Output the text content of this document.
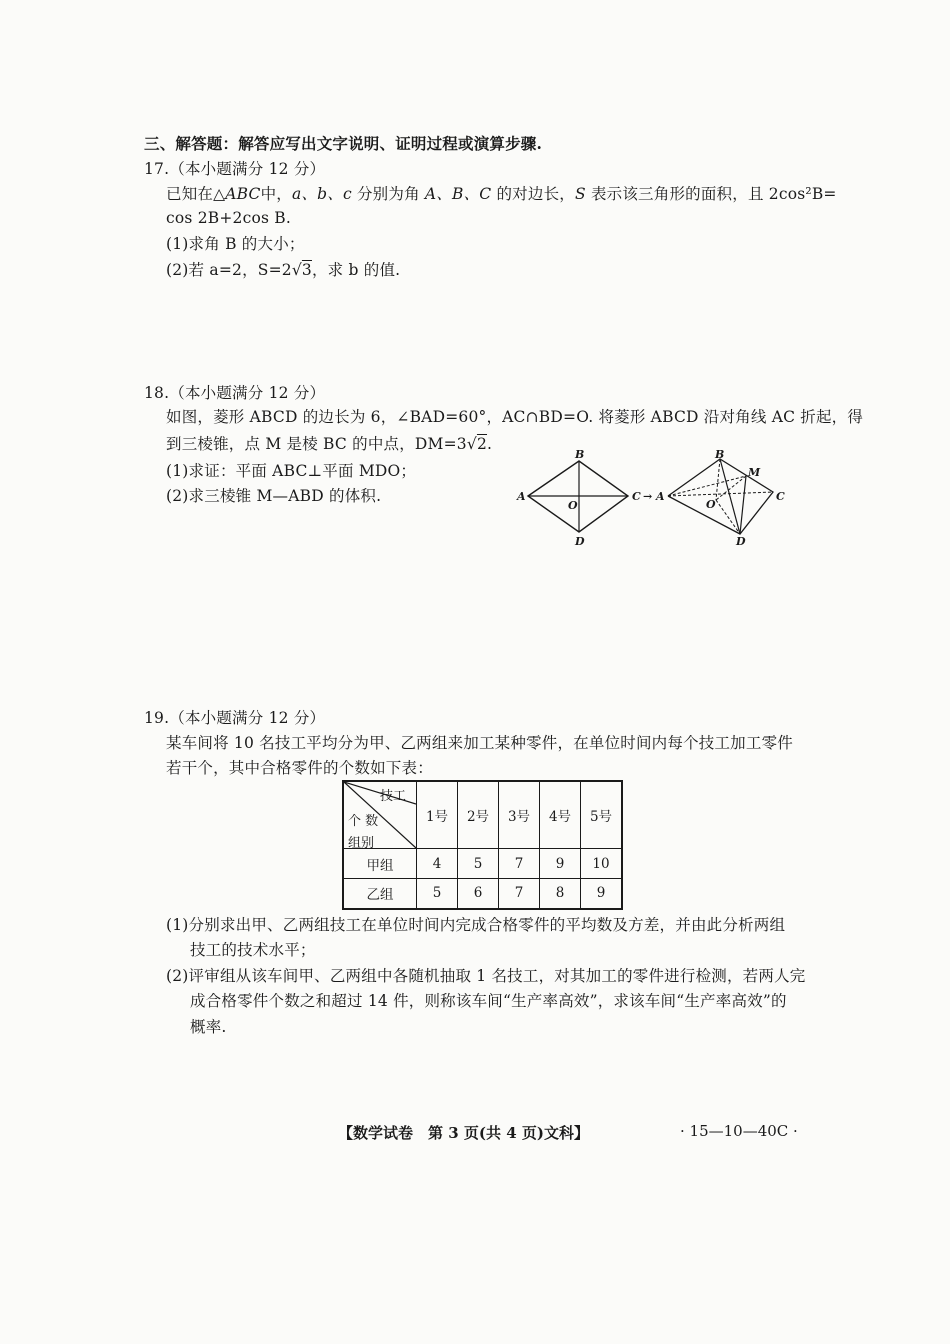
三、解答题：解答应写出文字说明、证明过程或演算步骤.
17.（本小题满分 12 分）
已知在△ABC中，a、b、c 分别为角 A、B、C 的对边长，S 表示该三角形的面积，且 2cos²B=
cos 2B+2cos B.
(1)求角 B 的大小；
(2)若 a=2，S=2√3，求 b 的值.
18.（本小题满分 12 分）
如图，菱形 ABCD 的边长为 6，∠BAD=60°，AC∩BD=O. 将菱形 ABCD 沿对角线 AC 折起，得
到三棱锥，点 M 是棱 BC 的中点，DM=3√2.
(1)求证：平面 ABC⊥平面 MDO；
(2)求三棱锥 M—ABD 的体积.	A
B
C
D
O
→ A
B
M
C
D
O
19.（本小题满分 12 分）
某车间将 10 名技工平均分为甲、乙两组来加工某种零件，在单位时间内每个技工加工零件
若干个，其中合格零件的个数如下表：
技工
个 数
组别	1号	2号	3号	4号	5号
甲组	4	5	7	9	10
乙组	5	6	7	8	9
(1)分别求出甲、乙两组技工在单位时间内完成合格零件的平均数及方差，并由此分析两组
技工的技术水平；
(2)评审组从该车间甲、乙两组中各随机抽取 1 名技工，对其加工的零件进行检测，若两人完
成合格零件个数之和超过 14 件，则称该车间“生产率高效”，求该车间“生产率高效”的
概率.
【数学试卷　第 3 页(共 4 页)文科】	· 15—10—40C ·
